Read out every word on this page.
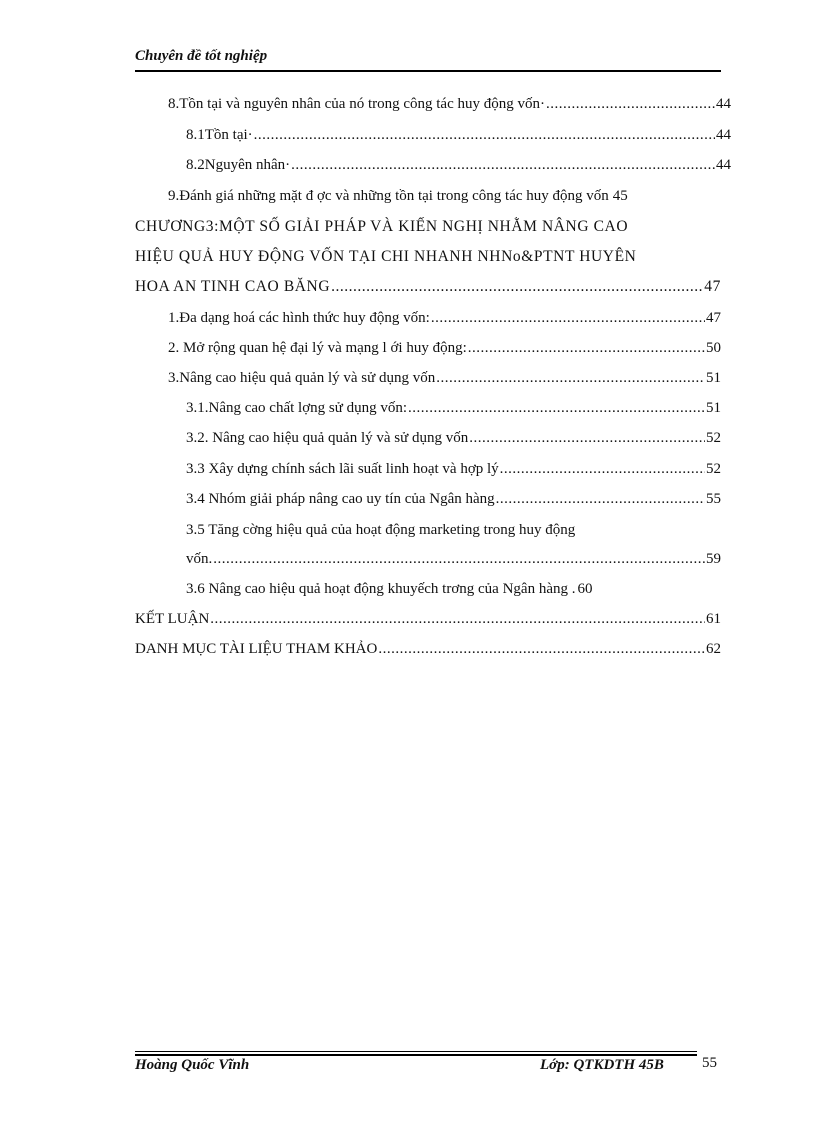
Chuyên đề tốt nghiệp
8.Tồn tại và nguyên nhân của nó trong công tác huy động vốn· .....	44
8.1Tồn tại· .....	44
8.2Nguyên nhân· .....	44
9.Đánh giá những mặt đ ợc và những tồn tại trong công tác huy động vốn 45
CHƯƠNG3:MỘT SỐ GIẢI PHÁP VÀ KIẾN NGHỊ NHẰM NÂNG CAO
HIỆU QUẢ HUY ĐỘNG VỐN TẠI CHI NHANH NHNo&PTNT HUYÊN
HOA AN TINH CAO BĂNG .....	47
1.Đa dạng hoá các hình thức huy động vốn: .....	47
2. Mở rộng quan hệ đại lý và mạng l ới huy động: .....	50
3.Nâng cao hiệu quả quản lý và sử dụng vốn .....	51
3.1.Nâng cao chất lợng sử dụng vốn: .....	51
3.2. Nâng cao hiệu quả quản lý và sử dụng vốn .....	52
3.3 Xây dựng chính sách lãi suất linh hoạt và hợp lý .....	52
3.4 Nhóm giải pháp nâng cao uy tín của Ngân hàng .....	55
3.5 Tăng cờng hiệu quả của hoạt động marketing trong huy động
vốn. .....	59
3.6 Nâng cao hiệu quả hoạt động khuyếch trơng của Ngân hàng . 60
KẾT LUẬN .....	61
DANH MỤC TÀI LIỆU THAM KHẢO .....	62
Hoàng Quốc Vĩnh	Lớp: QTKDTH 45B	55
